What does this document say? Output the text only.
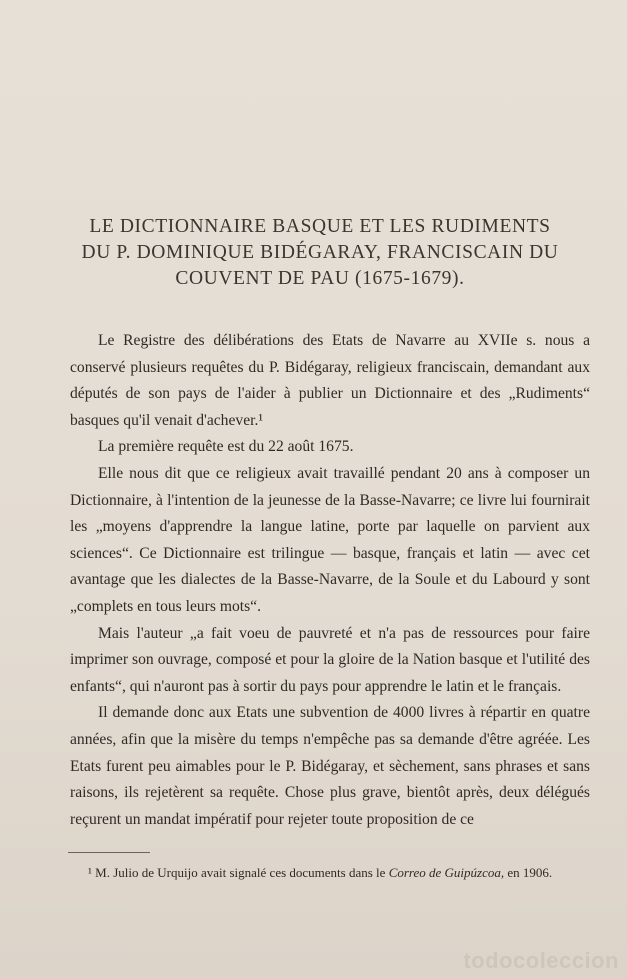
LE DICTIONNAIRE BASQUE ET LES RUDIMENTS
DU P. DOMINIQUE BIDÉGARAY, FRANCISCAIN DU
COUVENT DE PAU (1675-1679).

Le Registre des délibérations des Etats de Navarre au XVIIe s. nous a conservé plusieurs requêtes du P. Bidégaray, religieux franciscain, demandant aux députés de son pays de l'aider à publier un Dictionnaire et des „Rudiments“ basques qu'il venait d'achever.¹

La première requête est du 22 août 1675.

Elle nous dit que ce religieux avait travaillé pendant 20 ans à composer un Dictionnaire, à l'intention de la jeunesse de la Basse-Navarre; ce livre lui fournirait les „moyens d'apprendre la langue latine, porte par laquelle on parvient aux sciences“. Ce Dictionnaire est trilingue — basque, français et latin — avec cet avantage que les dialectes de la Basse-Navarre, de la Soule et du Labourd y sont „complets en tous leurs mots“.

Mais l'auteur „a fait voeu de pauvreté et n'a pas de ressources pour faire imprimer son ouvrage, composé et pour la gloire de la Nation basque et l'utilité des enfants“, qui n'auront pas à sortir du pays pour apprendre le latin et le français.

Il demande donc aux Etats une subvention de 4000 livres à répartir en quatre années, afin que la misère du temps n'empêche pas sa demande d'être agréée. Les Etats furent peu aimables pour le P. Bidégaray, et sèchement, sans phrases et sans raisons, ils rejetèrent sa requête. Chose plus grave, bientôt après, deux délégués reçurent un mandat impératif pour rejeter toute proposition de ce

¹ M. Julio de Urquijo avait signalé ces documents dans le Correo de Guipúzcoa, en 1906.

todocoleccion
